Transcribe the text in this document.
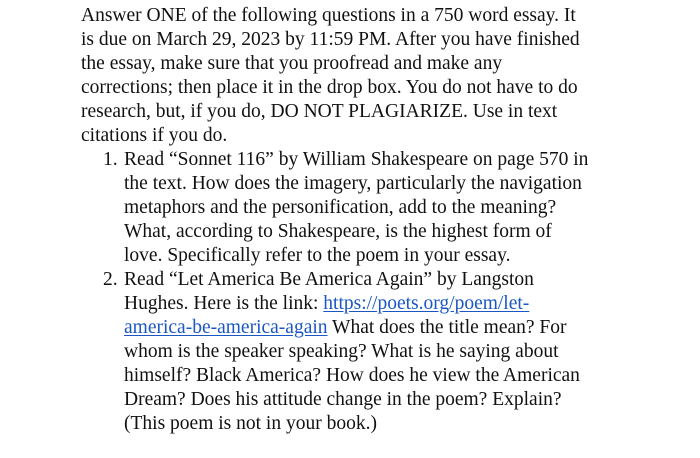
Answer ONE of the following questions in a 750 word essay. It
is due on March 29, 2023 by 11:59 PM. After you have finished
the essay, make sure that you proofread and make any
corrections; then place it in the drop box. You do not have to do
research, but, if you do, DO NOT PLAGIARIZE. Use in text
citations if you do.
1. Read “Sonnet 116” by William Shakespeare on page 570 in
the text. How does the imagery, particularly the navigation
metaphors and the personification, add to the meaning?
What, according to Shakespeare, is the highest form of
love. Specifically refer to the poem in your essay.
2. Read “Let America Be America Again” by Langston
Hughes. Here is the link: https://poets.org/poem/let-
america-be-america-again What does the title mean? For
whom is the speaker speaking? What is he saying about
himself? Black America? How does he view the American
Dream? Does his attitude change in the poem? Explain?
(This poem is not in your book.)
